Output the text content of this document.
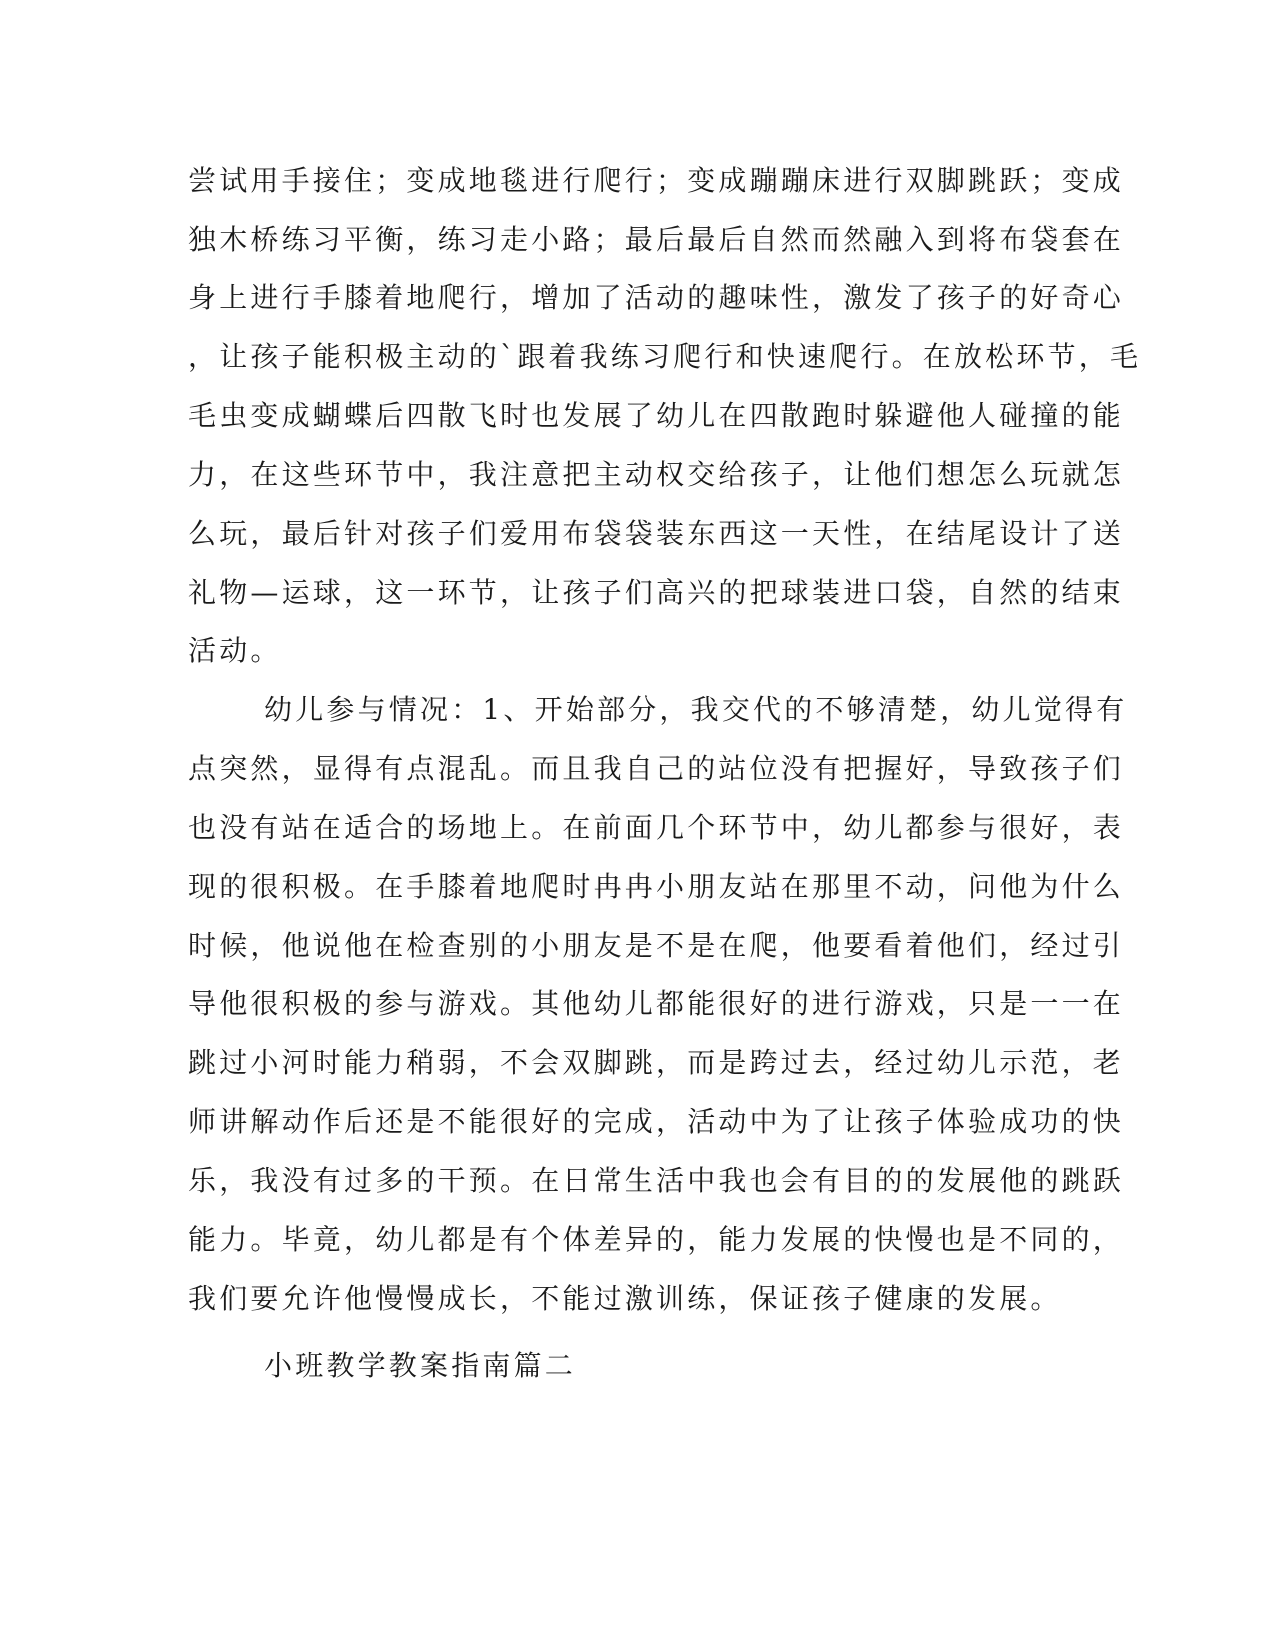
尝试用手接住；变成地毯进行爬行；变成蹦蹦床进行双脚跳跃；变成
独木桥练习平衡，练习走小路；最后最后自然而然融入到将布袋套在
身上进行手膝着地爬行，增加了活动的趣味性，激发了孩子的好奇心
，让孩子能积极主动的`跟着我练习爬行和快速爬行。在放松环节，毛
毛虫变成蝴蝶后四散飞时也发展了幼儿在四散跑时躲避他人碰撞的能
力，在这些环节中，我注意把主动权交给孩子，让他们想怎么玩就怎
么玩，最后针对孩子们爱用布袋袋装东西这一天性，在结尾设计了送
礼物—运球，这一环节，让孩子们高兴的把球装进口袋，自然的结束
活动。
幼儿参与情况：1、开始部分，我交代的不够清楚，幼儿觉得有
点突然，显得有点混乱。而且我自己的站位没有把握好，导致孩子们
也没有站在适合的场地上。在前面几个环节中，幼儿都参与很好，表
现的很积极。在手膝着地爬时冉冉小朋友站在那里不动，问他为什么
时候，他说他在检查别的小朋友是不是在爬，他要看着他们，经过引
导他很积极的参与游戏。其他幼儿都能很好的进行游戏，只是一一在
跳过小河时能力稍弱，不会双脚跳，而是跨过去，经过幼儿示范，老
师讲解动作后还是不能很好的完成，活动中为了让孩子体验成功的快
乐，我没有过多的干预。在日常生活中我也会有目的的发展他的跳跃
能力。毕竟，幼儿都是有个体差异的，能力发展的快慢也是不同的，
我们要允许他慢慢成长，不能过激训练，保证孩子健康的发展。
小班教学教案指南篇二
